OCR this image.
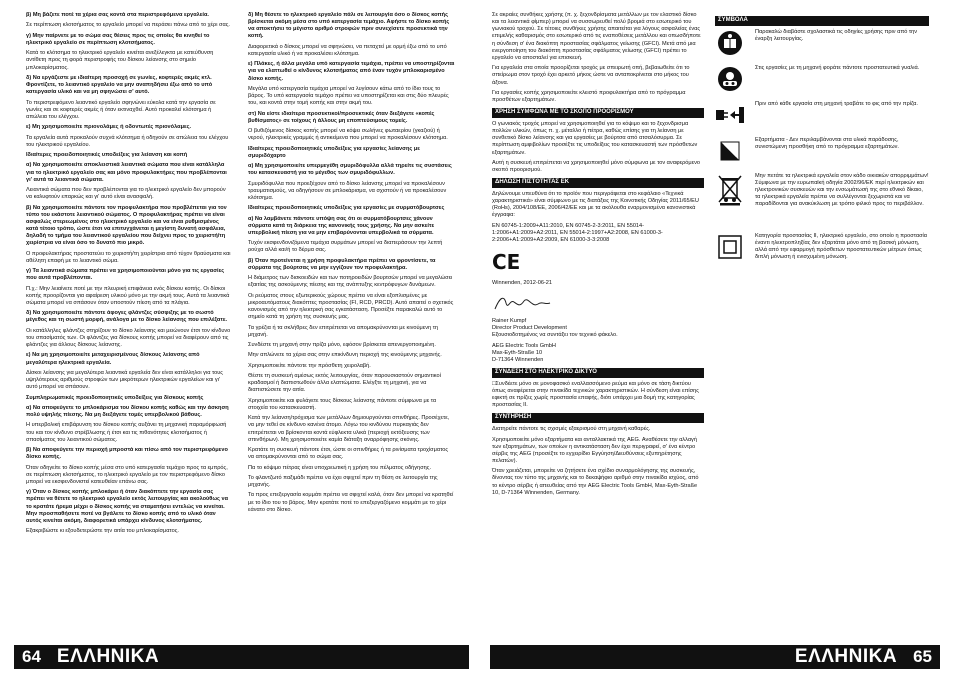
β) Μη βάζετε ποτέ τα χέρια σας κοντά στα περιστρεφόμενα εργαλεία.

Σε περίπτωση κλοτσήματος το εργαλείο μπορεί να περάσει πάνω από το χέρι σας.

γ) Μην παίρνετε με το σώμα σας θέσεις προς τις οποίες θα κινηθεί το ηλεκτρικό εργαλείο σε περίπτωση κλοτσήματος.

Κατά το κλότσημα το ηλεκτρικό εργαλείο κινείται ανεξέλεγκτα με κατεύθυνση αντίθετη προς τη φορά περιστροφής του δίσκου λείανσης στο σημείο μπλοκαρίσματος.

δ) Να εργάζεστε με ιδιαίτερη προσοχή σε γωνίες, κοφτερές ακμές κτλ. Φροντίζετε, το λειαντικό εργαλείο να μην αναπηδήσει έξω από το υπό κατεργασία υλικό και να μη σφηνώσει σ' αυτό.

Το περιστρεφόμενο λειαντικό εργαλείο σφηνώνει εύκολα κατά την εργασία σε γωνίες και σε κοφτερές ακμές ή όταν εκτιναχθεί. Αυτό προκαλεί κλότσημα ή απώλεια του ελέγχου.

ε) Μη χρησιμοποιείτε πριονολάμες ή οδοντωτές πριονόλαμες.

Τα εργαλεία αυτά προκαλούν συχνά κλότσημα ή οδηγούν σε απώλεια του ελέγχου του ηλεκτρικού εργαλείου.

Ιδιαίτερες προειδοποιητικές υποδείξεις για λείανση και κοπή

α) Να χρησιμοποιείτε αποκλειστικά λειαντικά σώματα που είναι κατάλληλα για το ηλεκτρικό εργαλείο σας και μόνο προφυλακτήρες που προβλέπονται γι' αυτά τα λειαντικά σώματα.

Λειαντικά σώματα που δεν προβλέπονται για το ηλεκτρικό εργαλείο δεν μπορούν να καλυφτούν επαρκώς και γι' αυτό είναι ανασφαλή.

β) Να χρησιμοποιείτε πάντοτε τον προφυλακτήρα που προβλέπεται για τον τύπο του εκάστοτε λειαντικού σώματος. Ο προφυλακτήρας πρέπει να είναι ασφαλώς στερεωμένος στο ηλεκτρικό εργαλείο και να είναι ρυθμισμένος κατά τέτοιο τρόπο, ώστε έτσι να επιτυγχάνεται η μεγίστη δυνατή ασφάλεια, δηλαδή το τμήμα του λειαντικού εργαλείου που δείχνει προς το χειριστή/τη χειρίστρια να είναι όσο το δυνατό πιο μικρό.

Ο προφυλακτήρας προστατεύει το χειριστή/τη χειρίστρια από τύχον θραύσματα και αθέλητη επαφή με το λειαντικό σώμα.

γ) Τα λειαντικά σώματα πρέπει να χρησιμοποιούνται μόνο για τις εργασίες που αυτά προβλέπονται.

Π.χ.: Μην λειαίνετε ποτέ με την πλευρική επιφάνεια ενός δίσκου κοπής. Οι δίσκοι κοπής προορίζονται για αφαίρεση υλικού μόνο με την ακμή τους. Αυτά τα λειαντικά σώματα μπορεί να σπάσουν όταν υποστούν πίεση από τα πλάγια.

δ) Να χρησιμοποιείτε πάντοτε άφογες φλάντζες σύσφιξης με το σωστό μέγεθος και τη σωστή μορφή, ανάλογα με το δίσκο λείανσης που επιλέξατε.

Οι κατάλληλες φλάντζες στηρίζουν το δίσκο λείανσης και μειώνουν έτσι τον κίνδυνο του σπασίματός των. Οι φλάντζες για δίσκους κοπής μπορεί να διαφέρουν από τις φλάντζες για άλλους δίσκους λείανσης.

ε) Να μη χρησιμοποιείτε μεταχειρισμένους δίσκους λείανσης από μεγαλύτερα ηλεκτρικά εργαλεία.

Δίσκοι λείανσης για μεγαλύτερα λειαντικά εργαλεία δεν είναι κατάλληλοι για τους υψηλότερους αριθμούς στροφών των μικρότερων ηλεκτρικών εργαλείων και γι' αυτό μπορεί να σπάσουν.

Συμπληρωματικές προειδοποιητικές υποδείξεις για δίσκους κοπής

α) Να αποφεύγετε το μπλοκάρισμα του δίσκου κοπής καθώς και την άσκηση πολύ υψηλής πίεσης. Να μη διεξάγετε τομές υπερβολικού βάθους.

Η υπερβολική επιβάρυνση του δίσκου κοπής αυξάνει τη μηχανική παραμόρφωσή του και τον κίνδυνο στρέβλωσης ή έτσι και τις πιθανότητες κλοτσήματος ή σπασίματος του λειαντικού σώματος.

β) Να αποφεύγετε την περιοχή μπροστά και πίσω από τον περιστρεφόμενο δίσκο κοπής.

Όταν οδηγείτε το δίσκο κοπής μέσα στο υπό κατεργασία τεμάχιο προς τα εμπρός, σε περίπτωση κλοτσήματος, το ηλεκτρικό εργαλείο με τον περιστρεφόμενο δίσκο μπορεί να εκσφενδονιστεί κατευθείαν επάνω σας.

γ) Όταν ο δίσκος κοπής μπλοκάρει ή όταν διακόπτετε την εργασία σας πρέπει να θέτετε το ηλεκτρικό εργαλείο εκτός λειτουργίας και ακολούθως να το κρατάτε ήρεμα μέχρι ο δίσκος κοπής να σταματήσει εντελώς να κινείται. Μην προσπαθήσετε ποτέ να βγάλετε το δίσκο κοπής από το υλικό όταν αυτός κινείται ακόμη, διαφορετικά υπάρχει κίνδυνος κλοτσήματος.

Εξακριβώστε κι εξουδετερώστε την αιτία του μπλοκαρίσματος.

δ) Μη θέσετε το ηλεκτρικό εργαλείο πάλι σε λειτουργία όσο ο δίσκος κοπής βρίσκεται ακόμη μέσα στο υπό κατεργασία τεμάχιο. Αφήστε το δίσκο κοπής να αποκτήσει το μέγιστο αριθμό στροφών πριν συνεχίσετε προσεκτικά την κοπή.

Διαφορετικά ο δίσκος μπορεί να σφηνώσει, να πεταχτεί με ορμή έξω από το υπό κατεργασία υλικό ή να προκαλέσει κλότσημα.

ε) Πλάκες, ή άλλα μεγάλα υπό κατεργασία τεμάχια, πρέπει να υποστηρίζονται για να ελαττωθεί ο κίνδυνος κλοτσήματος από έναν τυχόν μπλοκαρισμένο δίσκο κοπής.

Μεγάλα υπό κατεργασία τεμάχια μπορεί να λυγίσουν κάτω από το ίδιο τους το βάρος. Το υπό κατεργασία τεμάχιο πρέπει να υποστηρίζεται και στις δύο πλευρές του, και κοντά στην τομή κοπής και στην ακμή του.

στ) Να είστε ιδιαίτερα προσεκτικοί/προσεκτικές όταν διεξάγετε «κοπές βυθίσματος» σε τοίχους ή άλλους μη εποπτεύσιμους τομείς.

Ο βυθιζόμενος δίσκος κοπής μπορεί να κόψει σωλήνες φωταερίου (γκαζιού) ή νερού, ηλεκτρικές γραμμές ή αντικείμενα που μπορεί να προκαλέσουν κλότσημα.

Ιδιαίτερες προειδοποιητικές υποδείξεις για εργασίες λείανσης με σμυριδόχαρτο

α) Μη χρησιμοποιείτε υπερμεγέθη σμυριδόφυλλα αλλά τηρείτε τις συστάσεις του κατασκευαστή για το μέγεθος των σμυριδόφυλλων.

Σμυριδόφυλλα που προεξέχουν από το δίσκο λείανσης μπορεί να προκαλέσουν τραυματισμούς, να οδηγήσουν σε μπλοκάρισμα, να σχιστούν ή να προκαλέσουν κλότσημα.

Ιδιαίτερες προειδοποιητικές υποδείξεις για εργασίες με συρματόβουρτσες

α) Να λαμβάνετε πάντοτε υπόψη σας ότι οι συρματόβουρτσες χάνουν σύρματα κατά τη διάρκεια της κανονικής τους χρήσης. Να μην ασκείτε υπερβολική πίεση για να μην επιβαρύνονται υπερβολικά τα σύρματα.

Τυχόν εκσφενδονιζόμενα τεμάχια συρμάτων μπορεί να διαπεράσουν την λεπτή ρούχα αλλά και/ή το δέρμα σας.

β) Όταν προτείνεται η χρήση προφυλακτήρα πρέπει να φροντίσετε, τα σύρματα της βούρτσας να μην εγγίζουν τον προφυλακτήρα.

Η διάμετρος των δισκοειδών και των ποτηροειδών βουρτσών μπορεί να μεγαλώσει εξαιτίας της ασκούμενης πίεσης και της ανάπτυξης κεντρόφυγων δυνάμεων.

Οι ρεύματος στους εξωτερικούς χώρους πρέπει να είναι εξοπλισμένες με μικροαυτόματους διακόπτες προστασίας (FI, RCD, PRCD). Αυτό απαιτεί ο σχετικός κανονισμός από την ηλεκτρική σας εγκατάσταση. Προσέξτε παρακαλώ αυτό το σημείο κατά τη χρήση της συσκευής μας.

Τα γρέζια ή τα σκλήθρες δεν επιτρέπεται να απομακρύνονται με κινούμενη τη μηχανή.

Συνδέστε τη μηχανή στην πρίζα μόνο, εφόσον βρίσκεται απενεργοποιημένη.

Μην απλώνετε τα χέρια σας στην επικίνδυνη περιοχή της κινούμενης μηχανής.

Χρησιμοποιείτε πάντοτε την πρόσθετη χειρολαβή.

Θέστε τη συσκευή αμέσως εκτός λειτουργίας, όταν παρουσιαστούν σημαντικοί κραδασμοί ή διαπιστωθούν άλλα ελαττώματα. Ελέγξτε τη μηχανή, για να διαπιστώσετε την αιτία.

Χρησιμοποιείτε και φυλάγετε τους δίσκους λείανσης πάντοτε σύμφωνα με τα στοιχεία του κατασκευαστή.

Κατά την λείανση/τρόχισμα των μετάλλων δημιουργούνται σπινθήρες. Προσέχετε, να μην τεθεί σε κίνδυνο κανένα άτομο. Λόγω του κινδύνου πυρκαγιάς δεν επιτρέπεται να βρίσκονται κοντά εύφλεκτα υλικά (περιοχή εκτόξευσης των σπινθήρων). Μη χρησιμοποιείτε καμία διάταξη αναρρόφησης σκόνης.

Κρατάτε τη συσκευή πάντοτε έτσι, ώστε οι σπινθήρες ή τα ρινίσματα τροχίσματος να απομακρύνονται από το σώμα σας.

Πα το κόψιμο πέτρας είναι υποχρεωτική η χρήση του πέλματος οδήγησης.

Το φλαντζωτό παξιμάδι πρέπει να έχει σφιχτεί πριν τη θέση σε λειτουργία της μηχανής.

Τα προς επεξεργασία κομμάτι πρέπει να σφιχτεί καλά, όταν δεν μπορεί να κρατηθεί με το ίδιο του το βάρος. Μην κρατάτε ποτέ το επεξεργαζόμενο κομμάτι με το χέρι εάνατο στο δίσκο.

Σε ακραίες συνθήκες χρήσης (π. χ. ξεχονδρίσματα μετάλλων με τον ελαστικό δίσκο και τα λειαντικά φίμπερ) μπορεί να συσσωρευθεί πολύ βρομιά στο εσωτερικό του γωνιακού τροχού. Σε τέτοιες συνθήκες χρήσης απαιτείται για λόγους ασφαλείας ένας επιμελής καθαρισμός στο εσωτερικό από τις εναποθέσεις μετάλλου και οπωσδήποτε η σύνδεση σ' ένα διακόπτη προστασίας σφάλματος γείωσης (GFCI). Μετά από μια ενεργοποίηση του διακόπτη προστασίας σφάλματος γείωσης (GFCI) πρέπει το εργαλείο να αποσταλεί για επισκευή.

Για εργαλεία στα οποία προορίζεται τροχός με σπειρωτή οπή, βεβαιωθείτε ότι το σπείρωμα στον τροχό έχει αρκετό μήκος ώστε να ανταποκρίνεται στο μήκος του άξονα.

Για εργασίες κοπής χρησιμοποιείτε κλειστό προφυλακτήρα από το πρόγραμμα προσθέτων εξαρτημάτων.

ΧΡΗΣΗ ΣΥΜΦΩΝΑ ΜΕ ΤΟ ΣΚΟΠΟ ΠΡΟΟΡΙΣΜΟΥ

Ο γωνιακός τροχός μπορεί να χρησιμοποιηθεί για το κόψιμο και το ξεχονδρισμα πολλών υλικών, όπως π. χ. μέταλλο ή πέτρα, καθώς επίσης για τη λείανση με συνθετικό δίσκο λείανσης και για εργασίες με βούρτσα από ατσαλόσυρμα. Σε περίπτωση αμφιβολίων προσέξτε τις υποδείξεις του κατασκευαστή των πρόσθετων εξαρτημάτων.

Αυτή η συσκευή επιτρέπεται να χρησιμοποιηθεί μόνο σύμφωνα με τον αναφερόμενο σκοπό προορισμού.

ΔΗΛΩΣΗ ΠΙΣΤΟΤΗΤΑΣ ΕΚ

Δηλώνουμε υπευθύνα ότι το προϊόν που περιγράφεται στο κεφάλαιο «Τεχνικά χαρακτηριστικά» είναι σύμφωνο με τις διατάξεις της Κοινοτικής Οδηγίας 2011/65/EU (RoHs), 2004/108/ΕΕ, 2006/42/ΕΕ και με τα ακόλουθα εναρμονισμένα κανονιστικά έγγραφα:

EN 60745-1:2009+A11:2010, EN 60745-2-3:2011, EN 55014-1:2006+A1:2009+A2:2011, EN 55014-2:1997+A2:2008, EN 61000-3-2:2006+A1:2009+A2:2009, EN 61000-3-3:2008

CE

Winnenden, 2012-06-21

Rainer Kumpf

Director Product Development

Εξουσιοδοτημένος να συντάξει τον τεχνικό φάκελο.

AEG Electric Tools GmbH
Max-Eyth-Straße 10
D-71364 Winnenden
ΣΥΝΔΕΣΗ ΣΤΟ ΗΛΕΚΤΡΙΚΟ ΔΙΚΤΥΟ

□Συνδέετε μόνο σε μονοφασικό εναλλασσόμενο ρεύμα και μόνο σε τάση δικτύου όπως αναφέρεται στην πινακίδα τεχνικών χαρακτηριστικών. Η σύνδεση είναι επίσης εφικτή σε πρίζες χωρίς προστασία επαφής, διότι υπάρχει μια δομή της κατηγορίας προστασίας II.

ΣΥΝΤΗΡΗΣΗ

Διατηρείτε πάντοτε τις σχισμές εξαερισμού στη μηχανή καθαρές.

Χρησιμοποιείτε μόνο εξαρτήματα και ανταλλακτικά της AEG. Αναθέσετε την αλλαγή των εξαρτημάτων, των οποίων η αντικατάσταση δεν έχει περιγραφεί, σ' ένα κέντρο σέρβις της AEG (προσέξτε το εγχειρίδιο Εγγύηση/Διευθύνσεις εξυπηρέτησης πελατών).

Όταν χρειάζεται, μπορείτε να ζητήσετε ένα σχέδιο συναρμολόγησης της συσκευής, δίνοντας τον τύπο της μηχανής και το δεκαψήφιο αριθμό στην πινακίδα ισχύος, από το κέντρο σέρβις ή απευθείας από την AEG Electric Tools GmbH, Max-Eyth-Straße 10, D-71364 Winnenden, Germany.

ΣΥΜΒΟΛΑ
Παρακαλώ διαβάστε σχολαστικά τις οδηγίες χρήσης πριν από την έναρξη λειτουργίας.
Στις εργασίες με τη μηχανή φοράτε πάντοτε προστατευτικά γυαλιά.
Πριν από κάθε εργασία στη μηχανή τραβάτε το φις από την πρίζα.
Εξαρτήματα - Δεν περιλαμβάνονται στα υλικά παράδοσης, συνιστώμενη προσθήκη από το πρόγραμμα εξαρτημάτων.
Μην πετάτε τα ηλεκτρικά εργαλεία στον κάδο οικιακών απορριμμάτων! Σύμφωνα με την ευρωπαϊκή οδηγία 2002/96/ΕΚ περί ηλεκτρικών και ηλεκτρονικών συσκευών και την ενσωμάτωσή της στο εθνικό δίκαιο, τα ηλεκτρικά εργαλεία πρέπει να συλλέγονται ξεχωριστά και να παραδίδονται για ανακύκλωση με τρόπο φιλικό προς το περιβάλλον.
Κατηγορία προστασίας II, ηλεκτρικό εργαλείο, στο οποίο η προστασία έναντι ηλεκτροπληξίας δεν εξαρτάται μόνο από τη βασική μόνωση, αλλά από την εφαρμογή πρόσθετων προστατευτικών μέτρων όπως διπλή μόνωση ή ενισχυμένη μόνωση.
64 ΕΛΛΗΝΙΚΑ	ΕΛΛΗΝΙΚΑ 65
